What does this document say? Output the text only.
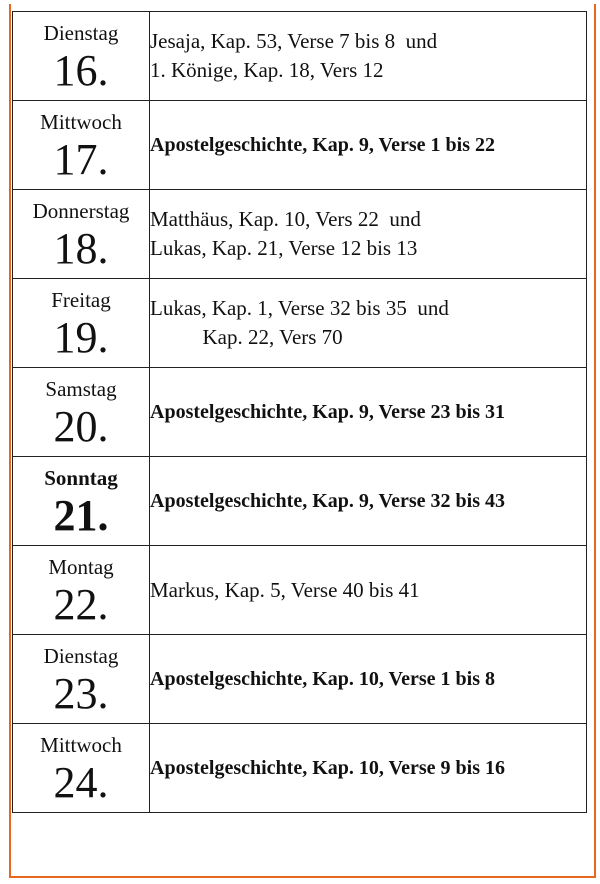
Dienstag
16.	Jesaja, Kap. 53, Verse 7 bis 8  und
1. Könige, Kap. 18, Vers 12

Mittwoch
17.	Apostelgeschichte, Kap. 9, Verse 1 bis 22

Donnerstag
18.	Matthäus, Kap. 10, Vers 22  und
Lukas, Kap. 21, Verse 12 bis 13

Freitag
19.	Lukas, Kap. 1, Verse 32 bis 35  und
Kap. 22, Vers 70

Samstag
20.	Apostelgeschichte, Kap. 9, Verse 23 bis 31

Sonntag
21.	Apostelgeschichte, Kap. 9, Verse 32 bis 43

Montag
22.	Markus, Kap. 5, Verse 40 bis 41

Dienstag
23.	Apostelgeschichte, Kap. 10, Verse 1 bis 8

Mittwoch
24.	Apostelgeschichte, Kap. 10, Verse 9 bis 16
